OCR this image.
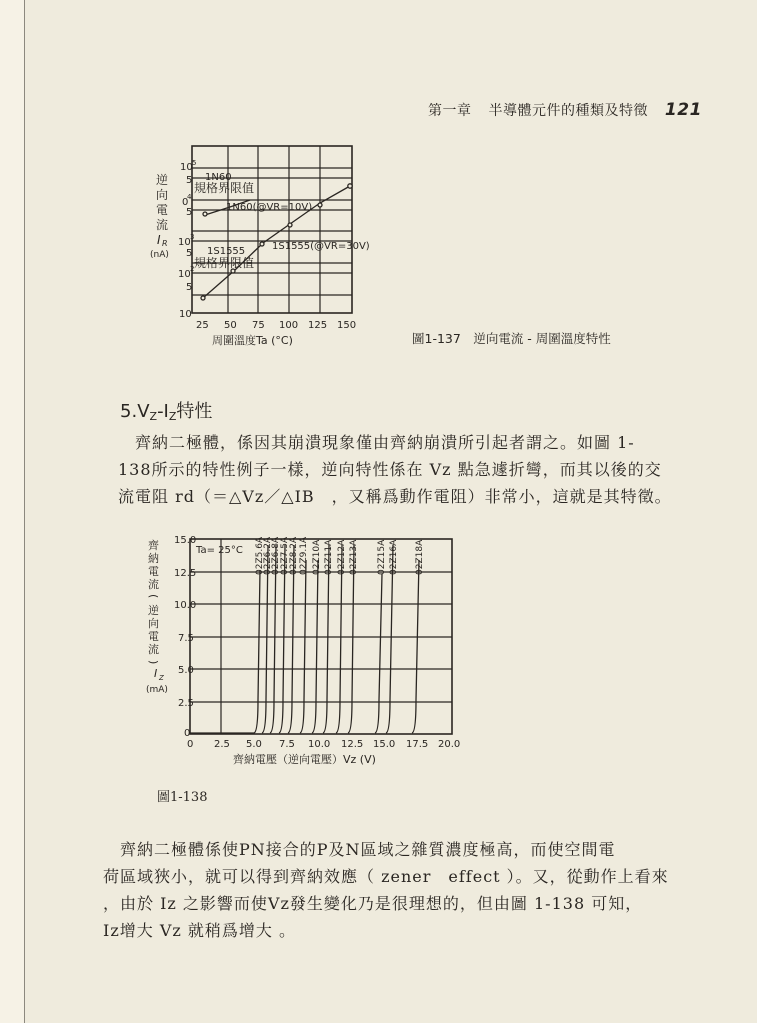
第一章 半導體元件的種類及特徵 121
10 5
5
0
4
5
10 3
5
10 2
5
10
25 50 75 100 125 150
逆
向
電
流
I R
(nA)
周圍溫度Ta (°C)
1N60
規格界限值
1N60(@VR=10V)
1S1555
規格界限值
1S1555(@VR=30V)
圖1-137　逆向電流 - 周圍溫度特性
$5.V_Z-I_Z$特性
　齊納二極體，係因其崩潰現象僅由齊納崩潰所引起者謂之。如圖 1-
138所示的特性例子一樣，逆向特性係在 Vz 點急遽折彎，而其以後的交
流電阻 rd（＝△Vz／△IB　，又稱爲動作電阻）非常小，這就是其特徵。
02Z5.6A
02Z6.2A
02Z6.8A 02Z7.5A 02Z8.2A 02Z9.1A 02Z10A 02Z11A 02Z12A 02Z13A 02Z15A 02Z16A 02Z18A
Ta= 25°C
15.0
12.5
10.0
7.5
5.0
2.5
0
0 2.5 5.0 7.5 10.0 12.5 15.0 17.5 20.0
齊
納
電
流
(
逆
向
電
流
)
I Z
(mA)
齊納電壓（逆向電壓）Vz (V)
圖1-138
　齊納二極體係使PN接合的P及N區域之雜質濃度極高，而使空間電
荷區域狹小，就可以得到齊納效應（ zener　effect ）。又，從動作上看來
，由於 Iz 之影響而使Vz發生變化乃是很理想的，但由圖 1-138 可知，
Iz增大 Vz 就稍爲增大 。
